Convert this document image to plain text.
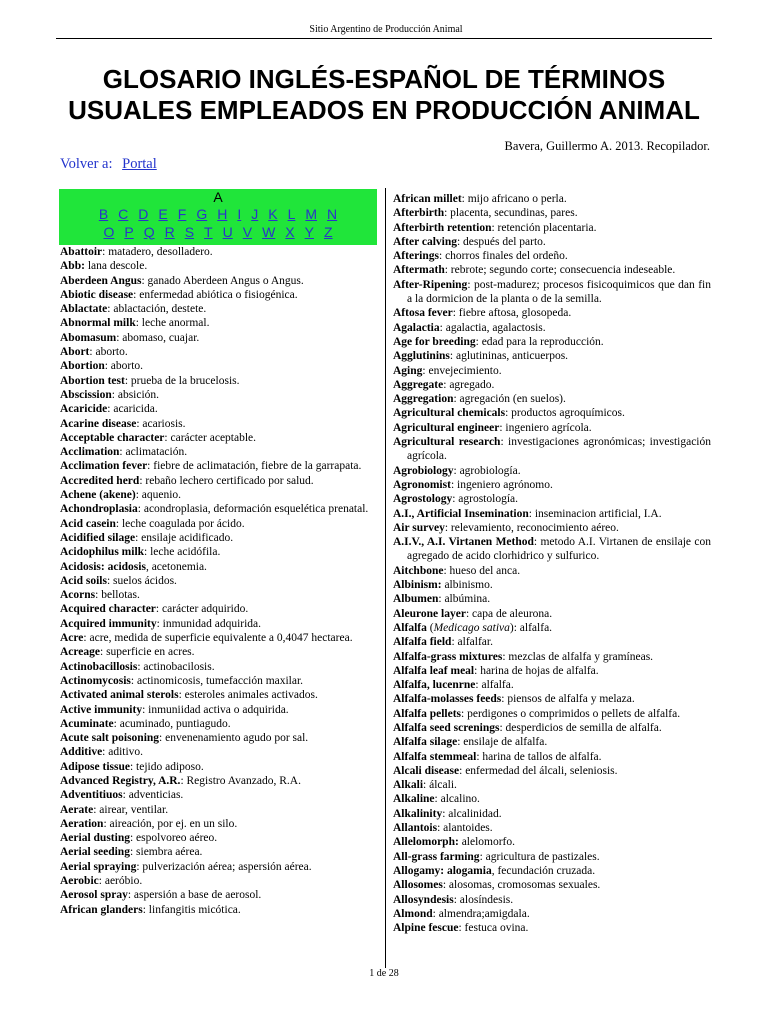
Sitio Argentino de Producción Animal
GLOSARIO INGLÉS-ESPAÑOL DE TÉRMINOS
USUALES EMPLEADOS EN PRODUCCIÓN ANIMAL
Bavera, Guillermo A. 2013. Recopilador.
Volver a: Portal
A
B C D E F G H I J K L M N
O P Q R S T U V W X Y Z

Abattoir: matadero, desolladero.

Abb: lana descole.

Aberdeen Angus: ganado Aberdeen Angus o Angus.

Abiotic disease: enfermedad abiótica o fisiogénica.

Ablactate: ablactación, destete.

Abnormal milk: leche anormal.

Abomasum: abomaso, cuajar.

Abort: aborto.

Abortion: aborto.

Abortion test: prueba de la brucelosis.

Abscission: absición.

Acaricide: acaricida.

Acarine disease: acariosis.

Acceptable character: carácter aceptable.

Acclimation: aclimatación.

Acclimation fever: fiebre de aclimatación, fiebre de la garrapata.

Accredited herd: rebaño lechero certificado por salud.

Achene (akene): aquenio.

Achondroplasia: acondroplasia, deformación esquelética prenatal.

Acid casein: leche coagulada por ácido.

Acidified silage: ensilaje acidificado.

Acidophilus milk: leche acidófila.

Acidosis: acidosis, acetonemia.

Acid soils: suelos ácidos.

Acorns: bellotas.

Acquired character: carácter adquirido.

Acquired immunity: inmunidad adquirida.

Acre: acre, medida de superficie equivalente a 0,4047 hectarea.

Acreage: superficie en acres.

Actinobacillosis: actinobacilosis.

Actinomycosis: actinomicosis, tumefacción maxilar.

Activated animal sterols: esteroles animales activados.

Active immunity: inmuniidad activa o adquirida.

Acuminate: acuminado, puntiagudo.

Acute salt poisoning: envenenamiento agudo por sal.

Additive: aditivo.

Adipose tissue: tejido adiposo.

Advanced Registry, A.R.: Registro Avanzado, R.A.

Adventitiuos: adventicias.

Aerate: airear, ventilar.

Aeration: aireación, por ej. en un silo.

Aerial dusting: espolvoreo aéreo.

Aerial seeding: siembra aérea.

Aerial spraying: pulverización aérea; aspersión aérea.

Aerobic: aeróbio.

Aerosol spray: aspersión a base de aerosol.

African glanders: linfangitis micótica.

African millet: mijo africano o perla.

Afterbirth: placenta, secundinas, pares.

Afterbirth retention: retención placentaria.

After calving: después del parto.

Afterings: chorros finales del ordeño.

Aftermath: rebrote; segundo corte; consecuencia indeseable.

After-Ripening: post-madurez; procesos fisicoquimicos que dan fin a la dormicion de la planta o de la semilla.

Aftosa fever: fiebre aftosa, glosopeda.

Agalactia: agalactia, agalactosis.

Age for breeding: edad para la reproducción.

Agglutinins: aglutininas, anticuerpos.

Aging: envejecimiento.

Aggregate: agregado.

Aggregation: agregación (en suelos).

Agricultural chemicals: productos agroquímicos.

Agricultural engineer: ingeniero agrícola.

Agricultural research: investigaciones agronómicas; investigación agrícola.

Agrobiology: agrobiología.

Agronomist: ingeniero agrónomo.

Agrostology: agrostología.

A.I., Artificial Insemination: inseminacion artificial, I.A.

Air survey: relevamiento, reconocimiento aéreo.

A.I.V., A.I. Virtanen Method: metodo A.I. Virtanen de ensilaje con agregado de acido clorhidrico y sulfurico.

Aitchbone: hueso del anca.

Albinism: albinismo.

Albumen: albúmina.

Aleurone layer: capa de aleurona.

Alfalfa (Medicago sativa): alfalfa.

Alfalfa field: alfalfar.

Alfalfa-grass mixtures: mezclas de alfalfa y gramíneas.

Alfalfa leaf meal: harina de hojas de alfalfa.

Alfalfa, lucenrne: alfalfa.

Alfalfa-molasses feeds: piensos de alfalfa y melaza.

Alfalfa pellets: perdigones o comprimidos o pellets de alfalfa.

Alfalfa seed screnings: desperdicios de semilla de alfalfa.

Alfalfa silage: ensilaje de alfalfa.

Alfalfa stemmeal: harina de tallos de alfalfa.

Alcali disease: enfermedad del álcali, seleniosis.

Alkali: álcali.

Alkaline: alcalino.

Alkalinity: alcalinidad.

Allantois: alantoides.

Allelomorph: alelomorfo.

All-grass farming: agricultura de pastizales.

Allogamy: alogamia, fecundación cruzada.

Allosomes: alosomas, cromosomas sexuales.

Allosyndesis: alosíndesis.

Almond: almendra;amigdala.

Alpine fescue: festuca ovina.

1 de 28
